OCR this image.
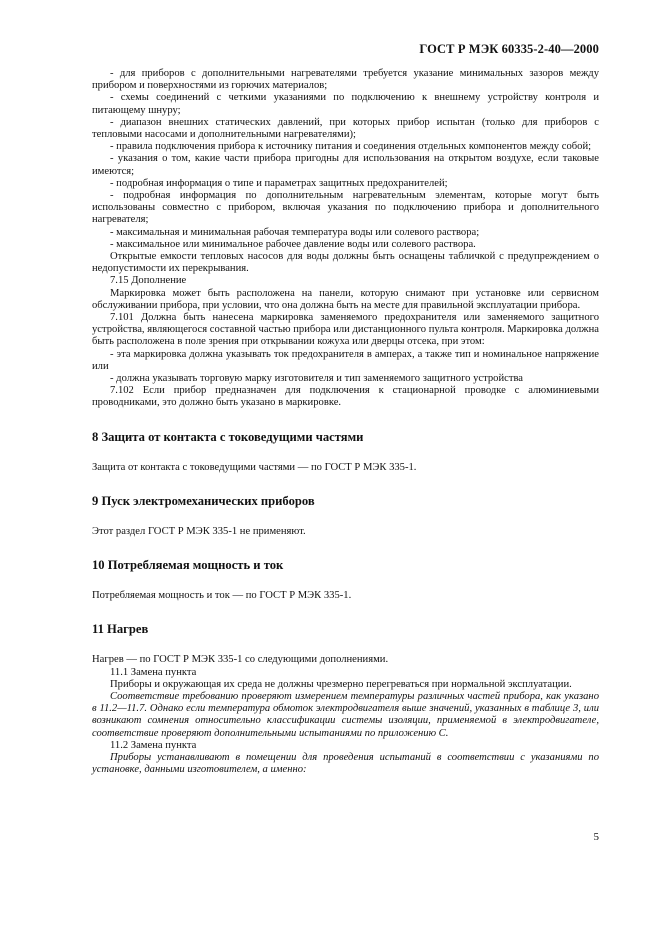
ГОСТ Р МЭК 60335-2-40—2000

- для приборов с дополнительными нагревателями требуется указание минимальных зазоров между прибором и поверхностями из горючих материалов;

- схемы соединений с четкими указаниями по подключению к внешнему устройству контроля и питающему шнуру;

- диапазон внешних статических давлений, при которых прибор испытан (только для приборов с тепловыми насосами и дополнительными нагревателями);

- правила подключения прибора к источнику питания и соединения отдельных компонентов между собой;

- указания о том, какие части прибора пригодны для использования на открытом воздухе, если таковые имеются;

- подробная информация о типе и параметрах защитных предохранителей;

- подробная информация по дополнительным нагревательным элементам, которые могут быть использованы совместно с прибором, включая указания по подключению прибора и дополнительного нагревателя;

- максимальная и минимальная рабочая температура воды или солевого раствора;

- максимальное или минимальное рабочее давление воды или солевого раствора.

Открытые емкости тепловых насосов для воды должны быть оснащены табличкой с предупреждением о недопустимости их перекрывания.

7.15 Дополнение

Маркировка может быть расположена на панели, которую снимают при установке или сервисном обслуживании прибора, при условии, что она должна быть на месте для правильной эксплуатации прибора.

7.101 Должна быть нанесена маркировка заменяемого предохранителя или заменяемого защитного устройства, являющегося составной частью прибора или дистанционного пульта контроля. Маркировка должна быть расположена в поле зрения при открывании кожуха или дверцы отсека, при этом:

- эта маркировка должна указывать ток предохранителя в амперах, а также тип и номинальное напряжение или

- должна указывать торговую марку изготовителя и тип заменяемого защитного устройства

7.102 Если прибор предназначен для подключения к стационарной проводке с алюминиевыми проводниками, это должно быть указано в маркировке.

8 Защита от контакта с токоведущими частями

Защита от контакта с токоведущими частями — по ГОСТ Р МЭК 335-1.

9 Пуск электромеханических приборов

Этот раздел ГОСТ Р МЭК 335-1 не применяют.

10 Потребляемая мощность и ток

Потребляемая мощность и ток — по ГОСТ Р МЭК 335-1.

11 Нагрев

Нагрев — по ГОСТ Р МЭК 335-1 со следующими дополнениями.

11.1 Замена пункта

Приборы и окружающая их среда не должны чрезмерно перегреваться при нормальной эксплуатации.

Соответствие требованию проверяют измерением температуры различных частей прибора, как указано в 11.2—11.7. Однако если температура обмоток электродвигателя выше значений, указанных в таблице 3, или возникают сомнения относительно классификации системы изоляции, применяемой в электродвигателе, соответствие проверяют дополнительными испытаниями по приложению С.

11.2 Замена пункта

Приборы устанавливают в помещении для проведения испытаний в соответствии с указаниями по установке, данными изготовителем, а именно:

5
